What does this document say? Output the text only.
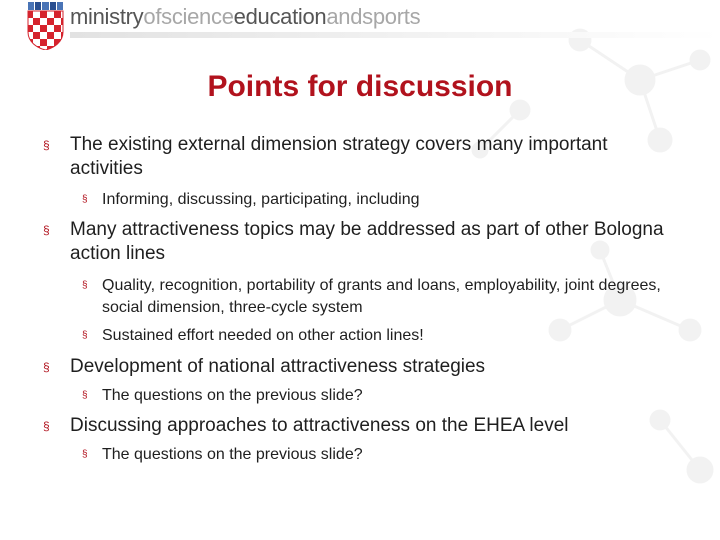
ministryofscienceeducationandsports
Points for discussion
§ The existing external dimension strategy covers many important activities
§ Informing, discussing, participating, including
§ Many attractiveness topics may be addressed as part of other Bologna action lines
§ Quality, recognition, portability of grants and loans, employability, joint degrees, social dimension, three-cycle system
§ Sustained effort needed on other action lines!
§ Development of national attractiveness strategies
§ The questions on the previous slide?
§ Discussing approaches to attractiveness on the EHEA level
§ The questions on the previous slide?
